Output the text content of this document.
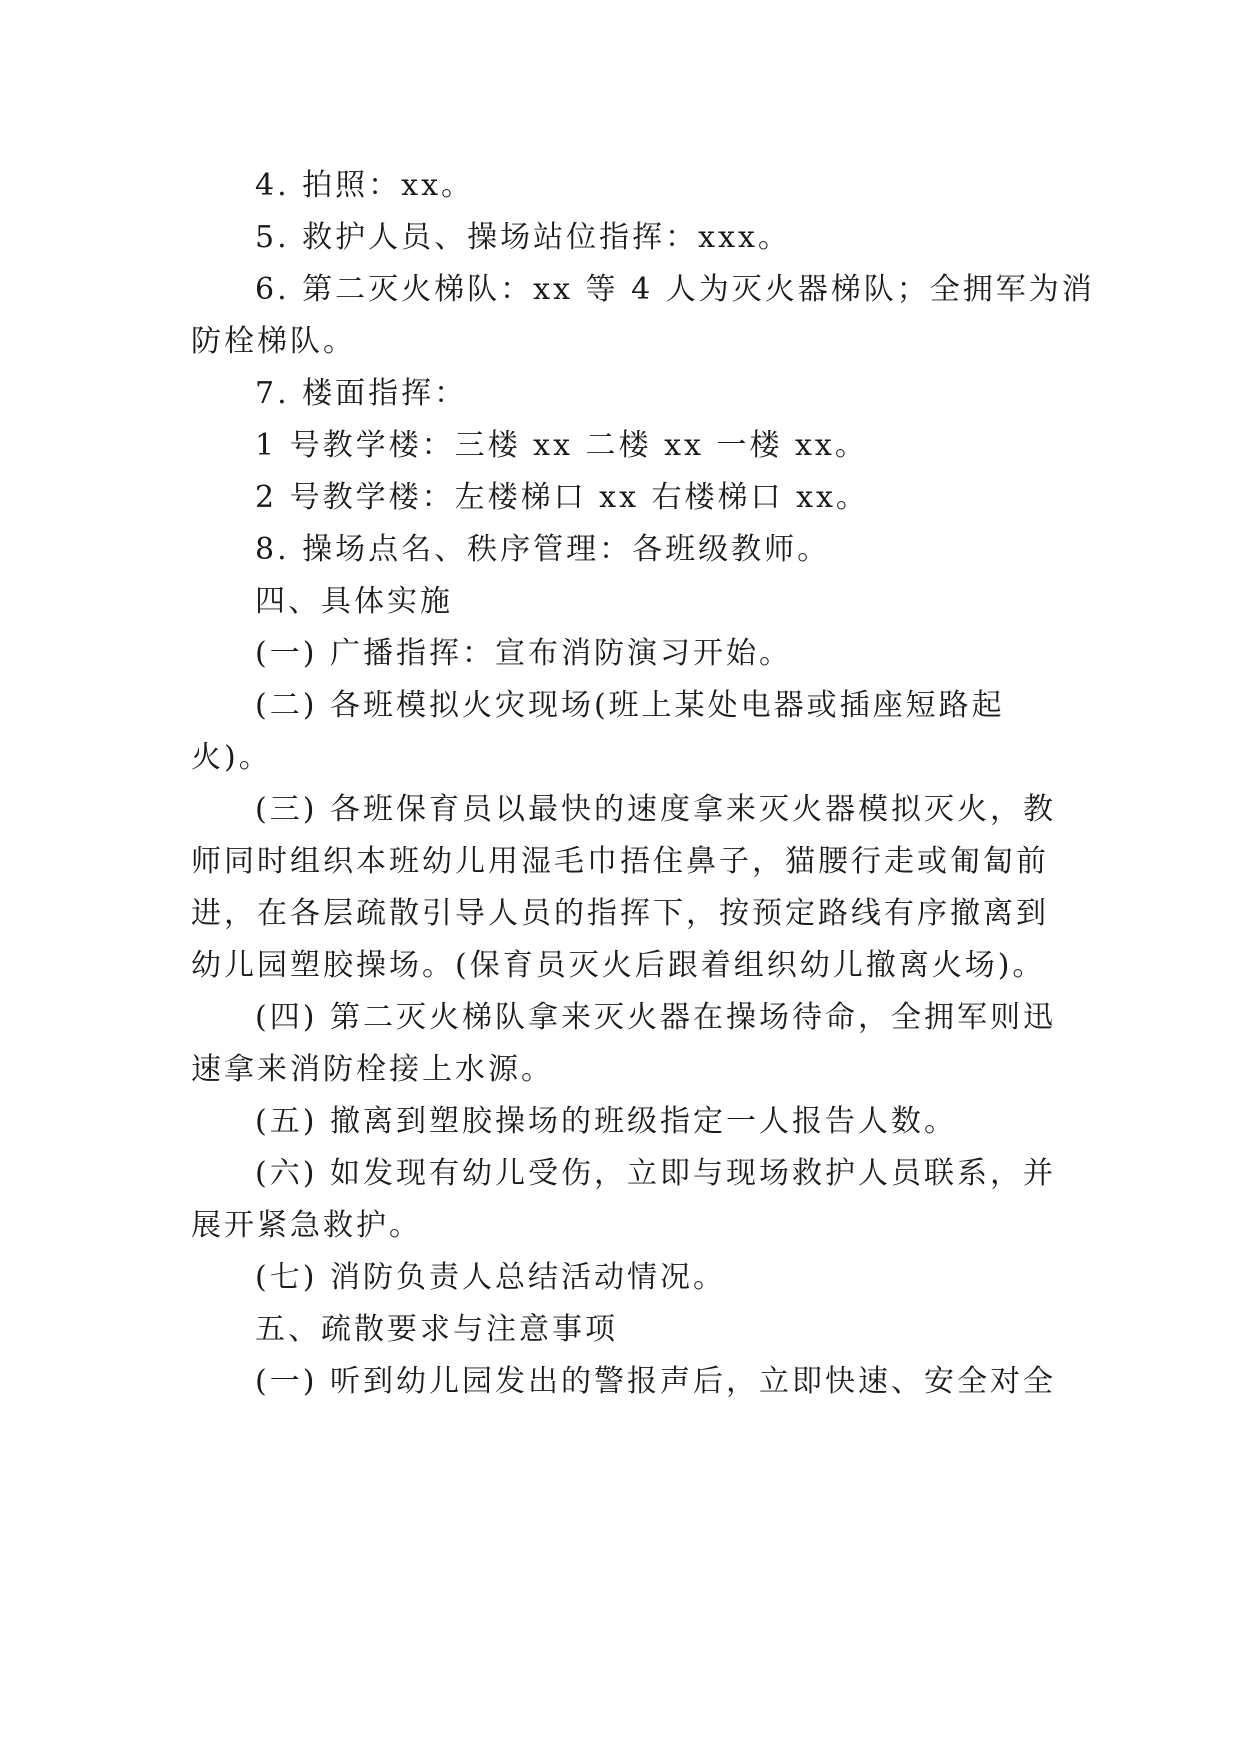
4. 拍照：xx。
5. 救护人员、操场站位指挥：xxx。
6. 第二灭火梯队：xx 等 4 人为灭火器梯队；全拥军为消
防栓梯队。
7. 楼面指挥：
1 号教学楼：三楼 xx 二楼 xx 一楼 xx。
2 号教学楼：左楼梯口 xx 右楼梯口 xx。
8. 操场点名、秩序管理：各班级教师。
四、具体实施
(一) 广播指挥：宣布消防演习开始。
(二) 各班模拟火灾现场(班上某处电器或插座短路起
火)。
(三) 各班保育员以最快的速度拿来灭火器模拟灭火，教
师同时组织本班幼儿用湿毛巾捂住鼻子，猫腰行走或匍匐前
进，在各层疏散引导人员的指挥下，按预定路线有序撤离到
幼儿园塑胶操场。(保育员灭火后跟着组织幼儿撤离火场)。
(四) 第二灭火梯队拿来灭火器在操场待命，全拥军则迅
速拿来消防栓接上水源。
(五) 撤离到塑胶操场的班级指定一人报告人数。
(六) 如发现有幼儿受伤，立即与现场救护人员联系，并
展开紧急救护。
(七) 消防负责人总结活动情况。
五、疏散要求与注意事项
(一) 听到幼儿园发出的警报声后，立即快速、安全对全
